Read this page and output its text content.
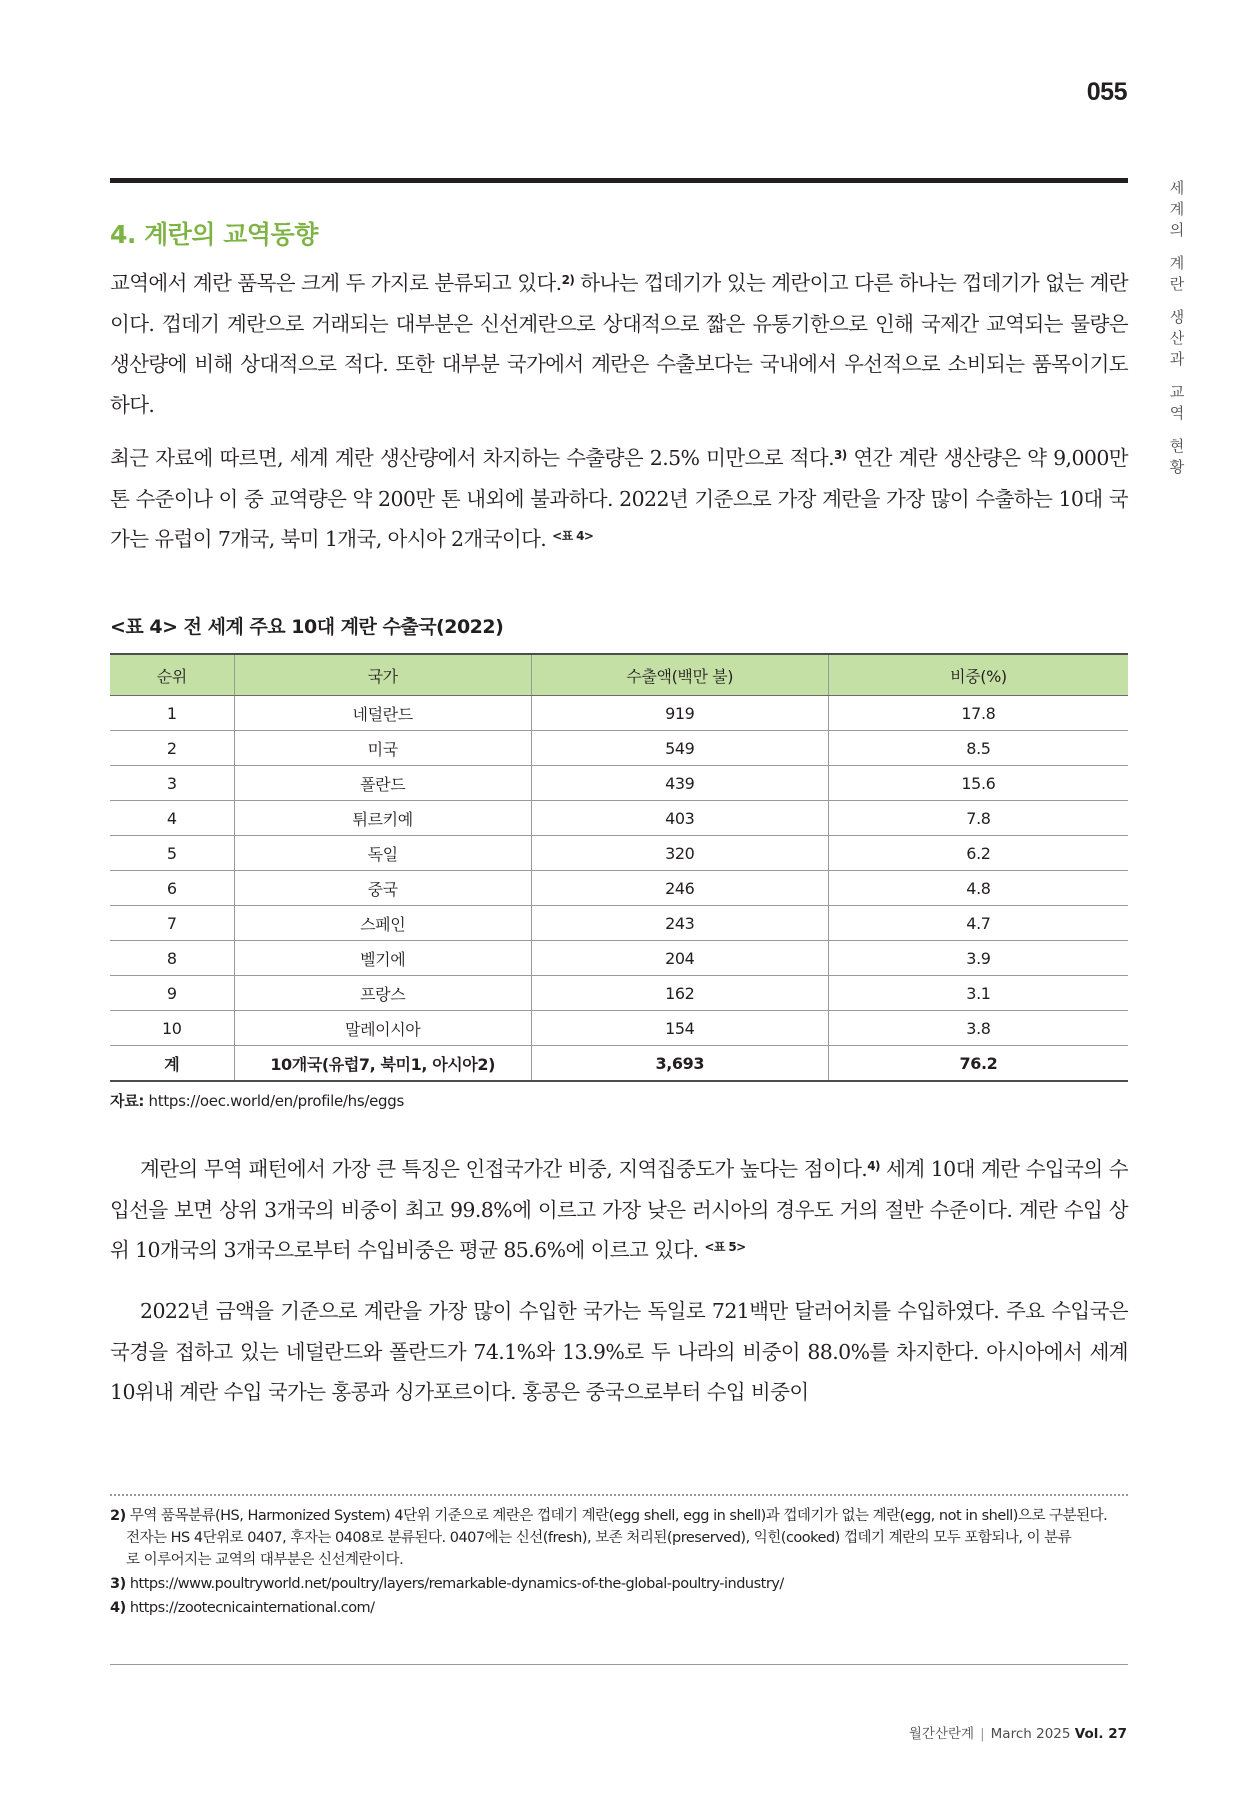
055
세
계
의
계
란
생
산
과
교
역
현
황
4. 계란의 교역동향

교역에서 계란 품목은 크게 두 가지로 분류되고 있다.$^{2)}$ 하나는 껍데기가 있는 계란이고 다른 하나는 껍데기가 없는 계란이다. 껍데기 계란으로 거래되는 대부분은 신선계란으로 상대적으로 짧은 유통기한으로 인해 국제간 교역되는 물량은 생산량에 비해 상대적으로 적다. 또한 대부분 국가에서 계란은 수출보다는 국내에서 우선적으로 소비되는 품목이기도 하다.

최근 자료에 따르면, 세계 계란 생산량에서 차지하는 수출량은 2.5% 미만으로 적다.$^{3)}$ 연간 계란 생산량은 약 9,000만 톤 수준이나 이 중 교역량은 약 200만 톤 내외에 불과하다. 2022년 기준으로 가장 계란을 가장 많이 수출하는 10대 국가는 유럽이 7개국, 북미 1개국, 아시아 2개국이다. $^{<표 4>}$

<표 4> 전 세계 주요 10대 계란 수출국(2022)
순위	국가	수출액(백만 불)	비중(%)
1	네덜란드	919	17.8
2	미국	549	8.5
3	폴란드	439	15.6
4	튀르키예	403	7.8
5	독일	320	6.2
6	중국	246	4.8
7	스페인	243	4.7
8	벨기에	204	3.9
9	프랑스	162	3.1
10	말레이시아	154	3.8
계	10개국(유럽7, 북미1, 아시아2)	3,693	76.2
자료: https://oec.world/en/profile/hs/eggs

계란의 무역 패턴에서 가장 큰 특징은 인접국가간 비중, 지역집중도가 높다는 점이다.$^{4)}$ 세계 10대 계란 수입국의 수입선을 보면 상위 3개국의 비중이 최고 99.8%에 이르고 가장 낮은 러시아의 경우도 거의 절반 수준이다. 계란 수입 상위 10개국의 3개국으로부터 수입비중은 평균 85.6%에 이르고 있다. $^{<표 5>}$

2022년 금액을 기준으로 계란을 가장 많이 수입한 국가는 독일로 721백만 달러어치를 수입하였다. 주요 수입국은 국경을 접하고 있는 네덜란드와 폴란드가 74.1%와 13.9%로 두 나라의 비중이 88.0%를 차지한다. 아시아에서 세계 10위내 계란 수입 국가는 홍콩과 싱가포르이다. 홍콩은 중국으로부터 수입 비중이

2) 무역 품목분류(HS, Harmonized System) 4단위 기준으로 계란은 껍데기 계란(egg shell, egg in shell)과 껍데기가 없는 계란(egg, not in shell)으로 구분된다.
전자는 HS 4단위로 0407, 후자는 0408로 분류된다. 0407에는 신선(fresh), 보존 처리된(preserved), 익힌(cooked) 껍데기 계란의 모두 포함되나, 이 분류
로 이루어지는 교역의 대부분은 신선계란이다.
3) https://www.poultryworld.net/poultry/layers/remarkable-dynamics-of-the-global-poultry-industry/
4) https://zootecnicainternational.com/
월간산란계 | March 2025 Vol. 27
